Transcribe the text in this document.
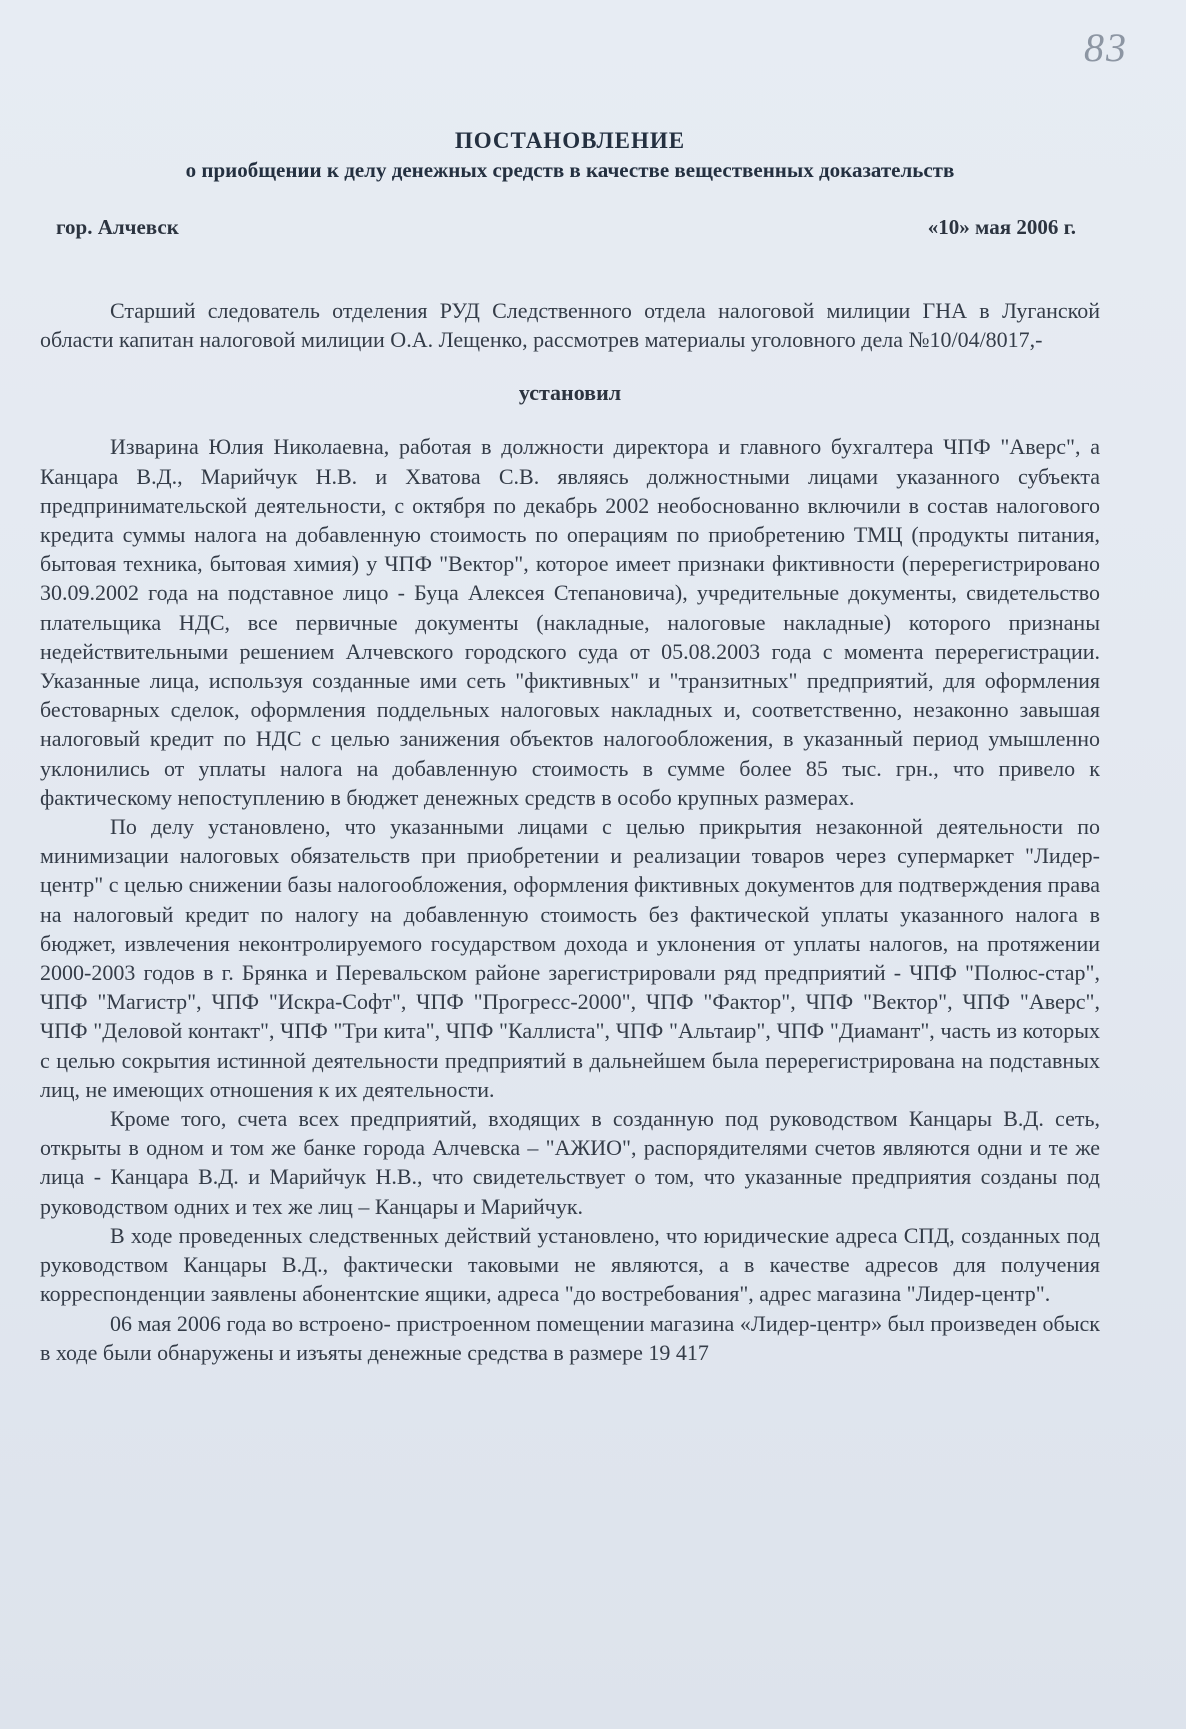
83
ПОСТАНОВЛЕНИЕ
о приобщении к делу денежных средств в качестве вещественных доказательств
гор. Алчевск	«10» мая 2006 г.

Старший следователь отделения РУД Следственного отдела налоговой милиции ГНА в Луганской области капитан налоговой милиции О.А. Лещенко, рассмотрев материалы уголовного дела №10/04/8017,-

установил

Изварина Юлия Николаевна, работая в должности директора и главного бухгалтера ЧПФ "Аверс", а Канцара В.Д., Марийчук Н.В. и Хватова С.В. являясь должностными лицами указанного субъекта предпринимательской деятельности, с октября по декабрь 2002 необоснованно включили в состав налогового кредита суммы налога на добавленную стоимость по операциям по приобретению ТМЦ (продукты питания, бытовая техника, бытовая химия) у ЧПФ "Вектор", которое имеет признаки фиктивности (перерегистрировано 30.09.2002 года на подставное лицо - Буца Алексея Степановича), учредительные документы, свидетельство плательщика НДС, все первичные документы (накладные, налоговые накладные) которого признаны недействительными решением Алчевского городского суда от 05.08.2003 года с момента перерегистрации. Указанные лица, используя созданные ими сеть "фиктивных" и "транзитных" предприятий, для оформления бестоварных сделок, оформления поддельных налоговых накладных и, соответственно, незаконно завышая налоговый кредит по НДС с целью занижения объектов налогообложения, в указанный период умышленно уклонились от уплаты налога на добавленную стоимость в сумме более 85 тыс. грн., что привело к фактическому непоступлению в бюджет денежных средств в особо крупных размерах.

По делу установлено, что указанными лицами с целью прикрытия незаконной деятельности по минимизации налоговых обязательств при приобретении и реализации товаров через супермаркет "Лидер-центр" с целью снижении базы налогообложения, оформления фиктивных документов для подтверждения права на налоговый кредит по налогу на добавленную стоимость без фактической уплаты указанного налога в бюджет, извлечения неконтролируемого государством дохода и уклонения от уплаты налогов, на протяжении 2000-2003 годов в г. Брянка и Перевальском районе зарегистрировали ряд предприятий - ЧПФ "Полюс-стар", ЧПФ "Магистр", ЧПФ "Искра-Софт", ЧПФ "Прогресс-2000", ЧПФ "Фактор", ЧПФ "Вектор", ЧПФ "Аверс", ЧПФ "Деловой контакт", ЧПФ "Три кита", ЧПФ "Каллиста", ЧПФ "Альтаир", ЧПФ "Диамант", часть из которых с целью сокрытия истинной деятельности предприятий в дальнейшем была перерегистрирована на подставных лиц, не имеющих отношения к их деятельности.

Кроме того, счета всех предприятий, входящих в созданную под руководством Канцары В.Д. сеть, открыты в одном и том же банке города Алчевска – "АЖИО", распорядителями счетов являются одни и те же лица - Канцара В.Д. и Марийчук Н.В., что свидетельствует о том, что указанные предприятия созданы под руководством одних и тех же лиц – Канцары и Марийчук.

В ходе проведенных следственных действий установлено, что юридические адреса СПД, созданных под руководством Канцары В.Д., фактически таковыми не являются, а в качестве адресов для получения корреспонденции заявлены абонентские ящики, адреса "до востребования", адрес магазина "Лидер-центр".

06 мая 2006 года во встроено- пристроенном помещении магазина «Лидер-центр» был произведен обыск в ходе были обнаружены и изъяты денежные средства в размере 19 417
